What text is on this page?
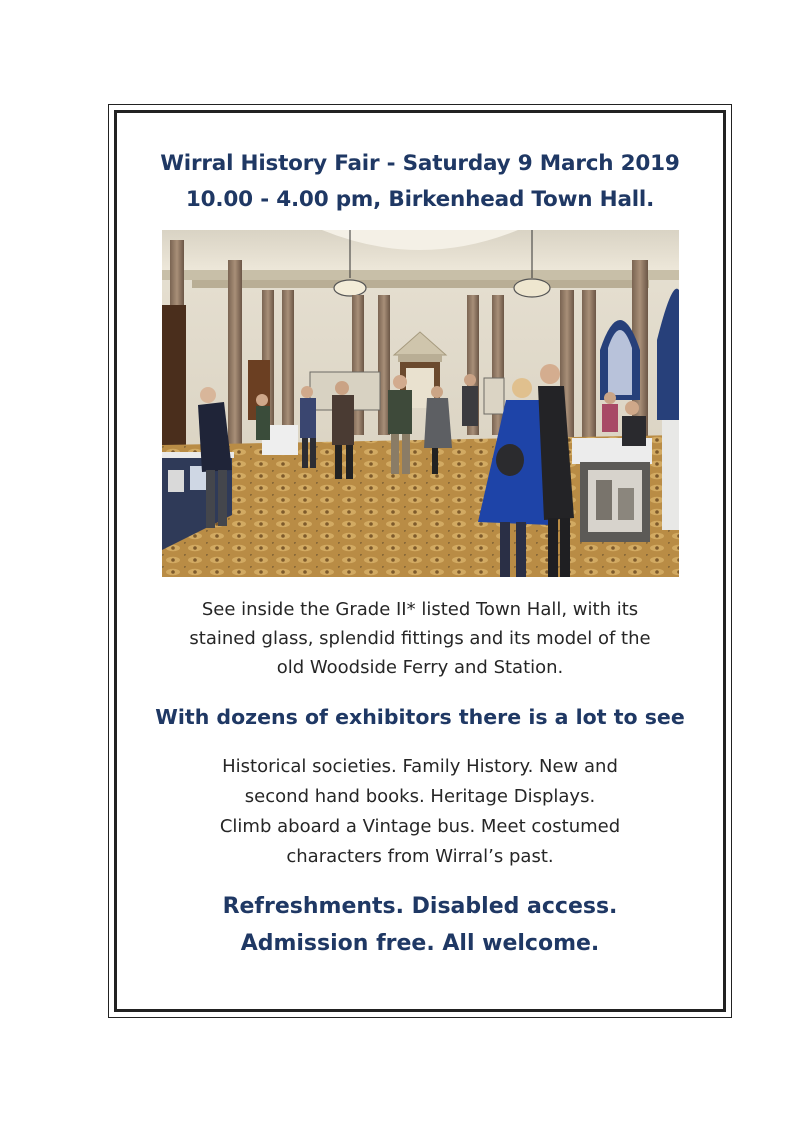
Wirral History Fair - Saturday 9 March 2019
10.00 - 4.00 pm, Birkenhead Town Hall.

See inside the Grade II* listed Town Hall, with its
stained glass, splendid fittings and its model of the
old Woodside Ferry and Station.

With dozens of exhibitors there is a lot to see

Historical societies. Family History. New and
second hand books. Heritage Displays.
Climb aboard a Vintage bus. Meet costumed
characters from Wirral’s past.

Refreshments. Disabled access.
Admission free. All welcome.
